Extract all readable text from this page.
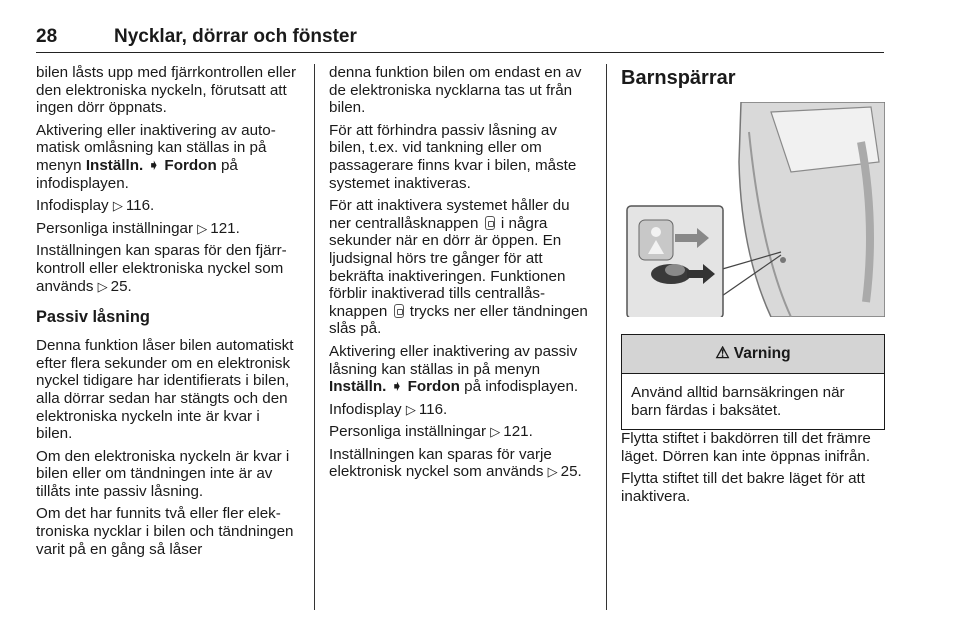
28	Nycklar, dörrar och fönster

bilen låsts upp med fjärrkontrollen eller den elektroniska nyckeln, förutsatt att ingen dörr öppnats.

Aktivering eller inaktivering av automatisk omlåsning kan ställas in på menyn Inställn. ➧ Fordon på infodisplayen.

Infodisplay ▷ 116.

Personliga inställningar ▷ 121.

Inställningen kan sparas för den fjärrkontroll eller elektroniska nyckel som används ▷ 25.

Passiv låsning

Denna funktion låser bilen automatiskt efter flera sekunder om en elektronisk nyckel tidigare har identifierats i bilen, alla dörrar sedan har stängts och den elektroniska nyckeln inte är kvar i bilen.

Om den elektroniska nyckeln är kvar i bilen eller om tändningen inte är av tillåts inte passiv låsning.

Om det har funnits två eller fler elektroniska nycklar i bilen och tändningen varit på en gång så låser

denna funktion bilen om endast en av de elektroniska nycklarna tas ut från bilen.

För att förhindra passiv låsning av bilen, t.ex. vid tankning eller om passagerare finns kvar i bilen, måste systemet inaktiveras.

För att inaktivera systemet håller du ner centrallåsknappen i några sekunder när en dörr är öppen. En ljudsignal hörs tre gånger för att bekräfta inaktiveringen. Funktionen förblir inaktiverad tills centrallåsknappen trycks ner eller tändningen slås på.

Aktivering eller inaktivering av passiv låsning kan ställas in på menyn Inställn. ➧ Fordon på infodisplayen.

Infodisplay ▷ 116.

Personliga inställningar ▷ 121.

Inställningen kan sparas för varje elektronisk nyckel som används ▷ 25.

Barnspärrar
⚠ Varning
Använd alltid barnsäkringen när barn färdas i baksätet.

Flytta stiftet i bakdörren till det främre läget. Dörren kan inte öppnas inifrån.

Flytta stiftet till det bakre läget för att inaktivera.
